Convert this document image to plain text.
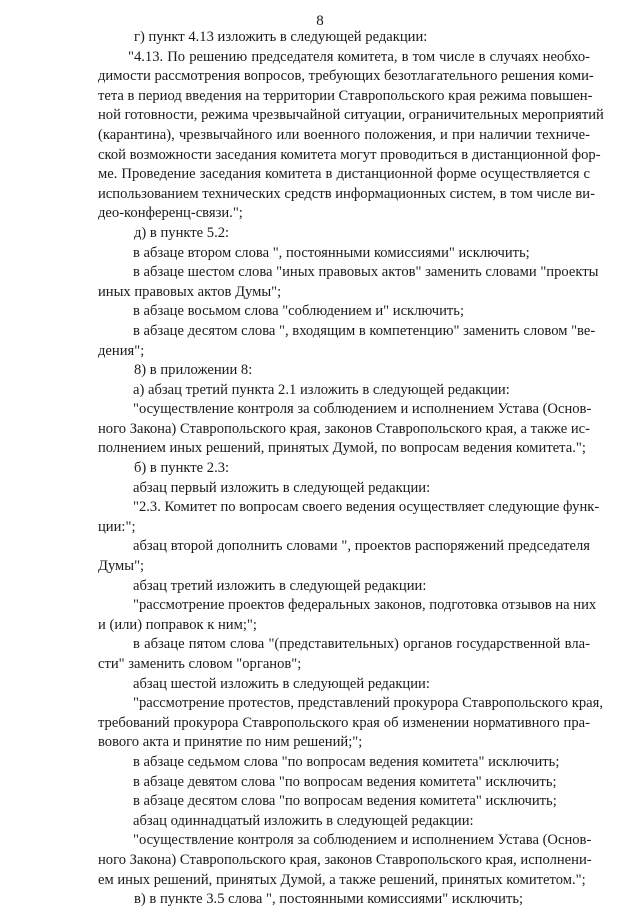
8
г) пункт 4.13 изложить в следующей редакции:
"4.13. По решению председателя комитета, в том числе в случаях необхо-
димости рассмотрения вопросов, требующих безотлагательного решения коми-
тета в период введения на территории Ставропольского края режима повышен-
ной готовности, режима чрезвычайной ситуации, ограничительных мероприятий
(карантина), чрезвычайного или военного положения, и при наличии техниче-
ской возможности заседания комитета могут проводиться в дистанционной фор-
ме. Проведение заседания комитета в дистанционной форме осуществляется с
использованием технических средств информационных систем, в том числе ви-
део-конференц-связи.";
д) в пункте 5.2:
в абзаце втором слова ", постоянными комиссиями" исключить;
в абзаце шестом слова "иных правовых актов" заменить словами "проекты
иных правовых актов Думы";
в абзаце восьмом слова "соблюдением и" исключить;
в абзаце десятом слова ", входящим в компетенцию" заменить словом "ве-
дения";
8) в приложении 8:
а) абзац третий пункта 2.1 изложить в следующей редакции:
"осуществление контроля за соблюдением и исполнением Устава (Основ-
ного Закона) Ставропольского края, законов Ставропольского края, а также ис-
полнением иных решений, принятых Думой, по вопросам ведения комитета.";
б) в пункте 2.3:
абзац первый изложить в следующей редакции:
"2.3. Комитет по вопросам своего ведения осуществляет следующие функ-
ции:";
абзац второй дополнить словами ", проектов распоряжений председателя
Думы";
абзац третий изложить в следующей редакции:
"рассмотрение проектов федеральных законов, подготовка отзывов на них
и (или) поправок к ним;";
в абзаце пятом слова "(представительных) органов государственной вла-
сти" заменить словом "органов";
абзац шестой изложить в следующей редакции:
"рассмотрение протестов, представлений прокурора Ставропольского края,
требований прокурора Ставропольского края об изменении нормативного пра-
вового акта и принятие по ним решений;";
в абзаце седьмом слова "по вопросам ведения комитета" исключить;
в абзаце девятом слова "по вопросам ведения комитета" исключить;
в абзаце десятом слова "по вопросам ведения комитета" исключить;
абзац одиннадцатый изложить в следующей редакции:
"осуществление контроля за соблюдением и исполнением Устава (Основ-
ного Закона) Ставропольского края, законов Ставропольского края, исполнени-
ем иных решений, принятых Думой, а также решений, принятых комитетом.";
в) в пункте 3.5 слова ", постоянными комиссиями" исключить;
